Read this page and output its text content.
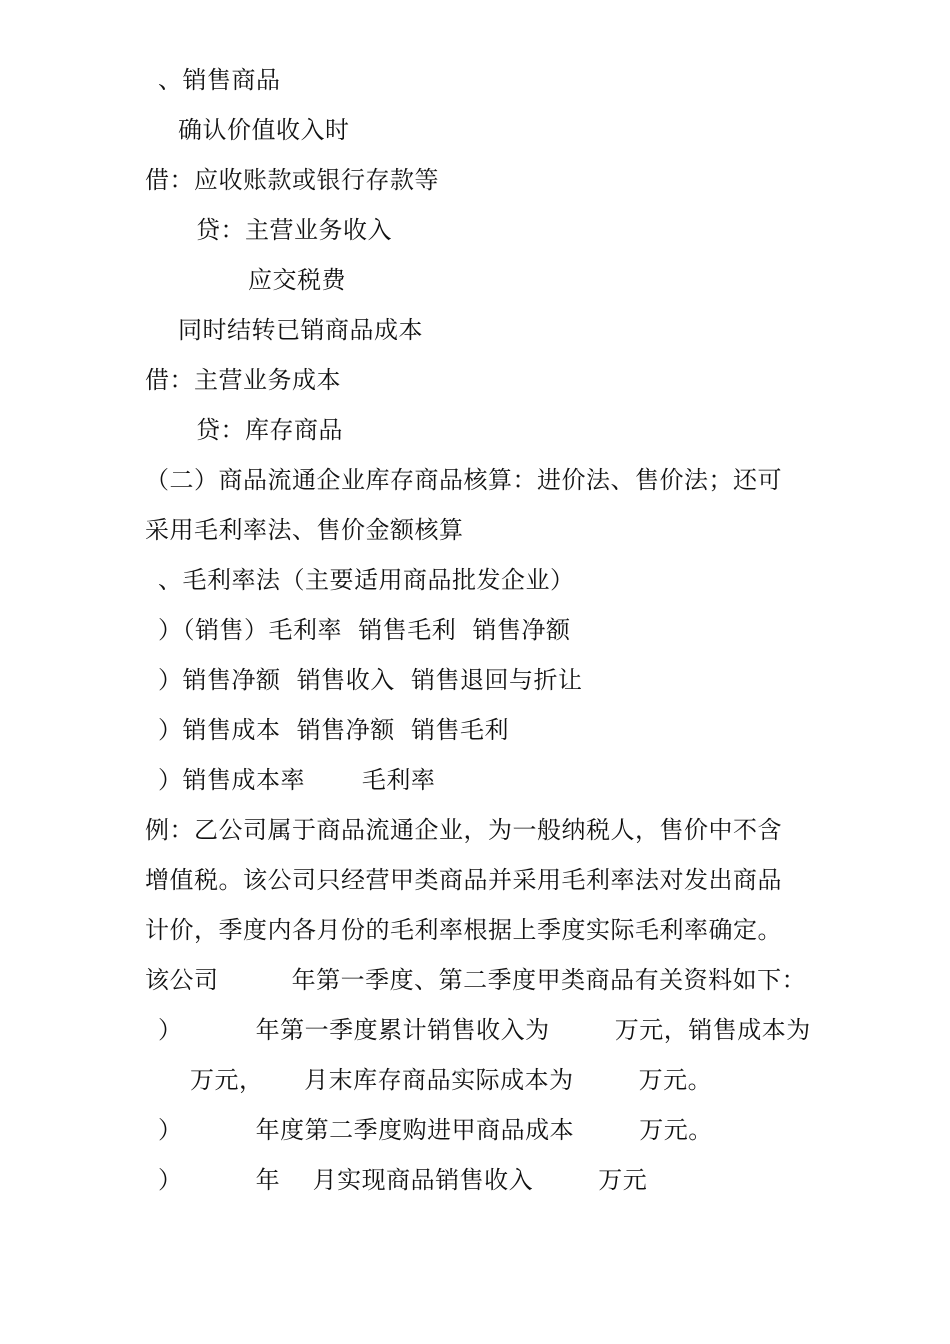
、销售商品
确认价值收入时
借：应收账款或银行存款等
贷：主营业务收入
应交税费
同时结转已销商品成本
借：主营业务成本
贷：库存商品
（二）商品流通企业库存商品核算：进价法、售价法；还可
采用毛利率法、售价金额核算
、毛利率法（主要适用商品批发企业）
）（销售）毛利率  销售毛利  销售净额
）销售净额  销售收入  销售退回与折让
）销售成本  销售净额  销售毛利
）销售成本率       毛利率
例：乙公司属于商品流通企业，为一般纳税人，售价中不含
增值税。该公司只经营甲类商品并采用毛利率法对发出商品
计价，季度内各月份的毛利率根据上季度实际毛利率确定。
该公司         年第一季度、第二季度甲类商品有关资料如下：
）         年第一季度累计销售收入为        万元，销售成本为
万元，     月末库存商品实际成本为        万元。
）         年度第二季度购进甲商品成本        万元。
）         年    月实现商品销售收入        万元
